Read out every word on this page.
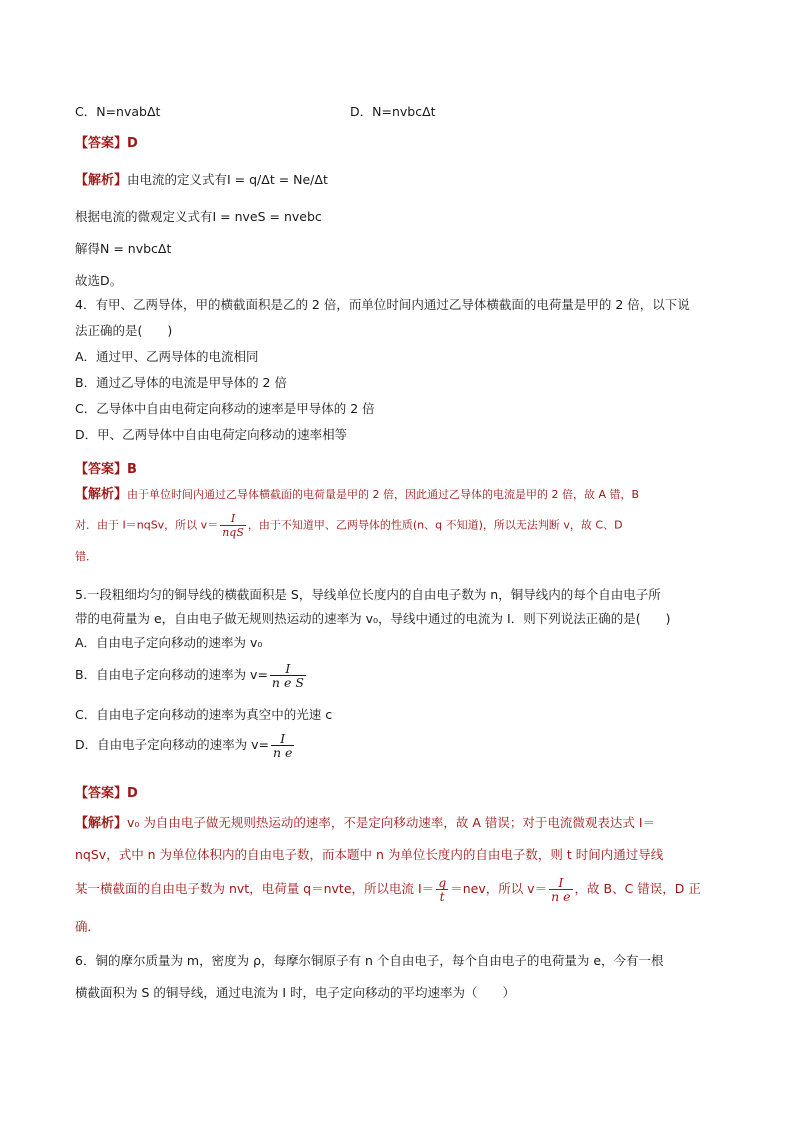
C．N=nvabΔt	D．N=nvbcΔt
【答案】D
【解析】由电流的定义式有I = q/Δt = Ne/Δt
根据电流的微观定义式有I = nveS = nvebc
解得N = nvbcΔt
故选D。
4．有甲、乙两导体，甲的横截面积是乙的 2 倍，而单位时间内通过乙导体横截面的电荷量是甲的 2 倍，以下说
法正确的是(　　)
A．通过甲、乙两导体的电流相同
B．通过乙导体的电流是甲导体的 2 倍
C．乙导体中自由电荷定向移动的速率是甲导体的 2 倍
D．甲、乙两导体中自由电荷定向移动的速率相等
【答案】B
【解析】由于单位时间内通过乙导体横截面的电荷量是甲的 2 倍，因此通过乙导体的电流是甲的 2 倍，故 A 错，B
对．由于 I＝nqSv，所以 $v= \frac{I}{\text{nqS}}$ ，由于不知道甲、乙两导体的性质(n、q 不知道)，所以无法判断 v，故 C、D
错．
5.一段粗细均匀的铜导线的横截面积是 S，导线单位长度内的自由电子数为 n，铜导线内的每个自由电子所
带的电荷量为 e，自由电子做无规则热运动的速率为 v₀，导线中通过的电流为 I．则下列说法正确的是(　　)
A．自由电子定向移动的速率为 v₀
B．自由电子定向移动的速率为 $v= \frac{I}{\text{n e S}}$
C．自由电子定向移动的速率为真空中的光速 c
D．自由电子定向移动的速率为 $v= \frac{I}{\text{n e}}$
【答案】D
【解析】v₀ 为自由电子做无规则热运动的速率，不是定向移动速率，故 A 错误；对于电流微观表达式 I＝
nqSv，式中 n 为单位体积内的自由电子数，而本题中 n 为单位长度内的自由电子数，则 t 时间内通过导线
某一横截面的自由电子数为 nvt，电荷量 q＝nvte，所以电流 $I= \frac{q}{t} =nev$，所以 $v= \frac{I}{\text{n e}}$ ，故 B、C 错误，D 正
确．
6．铜的摩尔质量为 m，密度为 ρ，每摩尔铜原子有 n 个自由电子，每个自由电子的电荷量为 e，今有一根
横截面积为 S 的铜导线，通过电流为 I 时，电子定向移动的平均速率为（　　）
